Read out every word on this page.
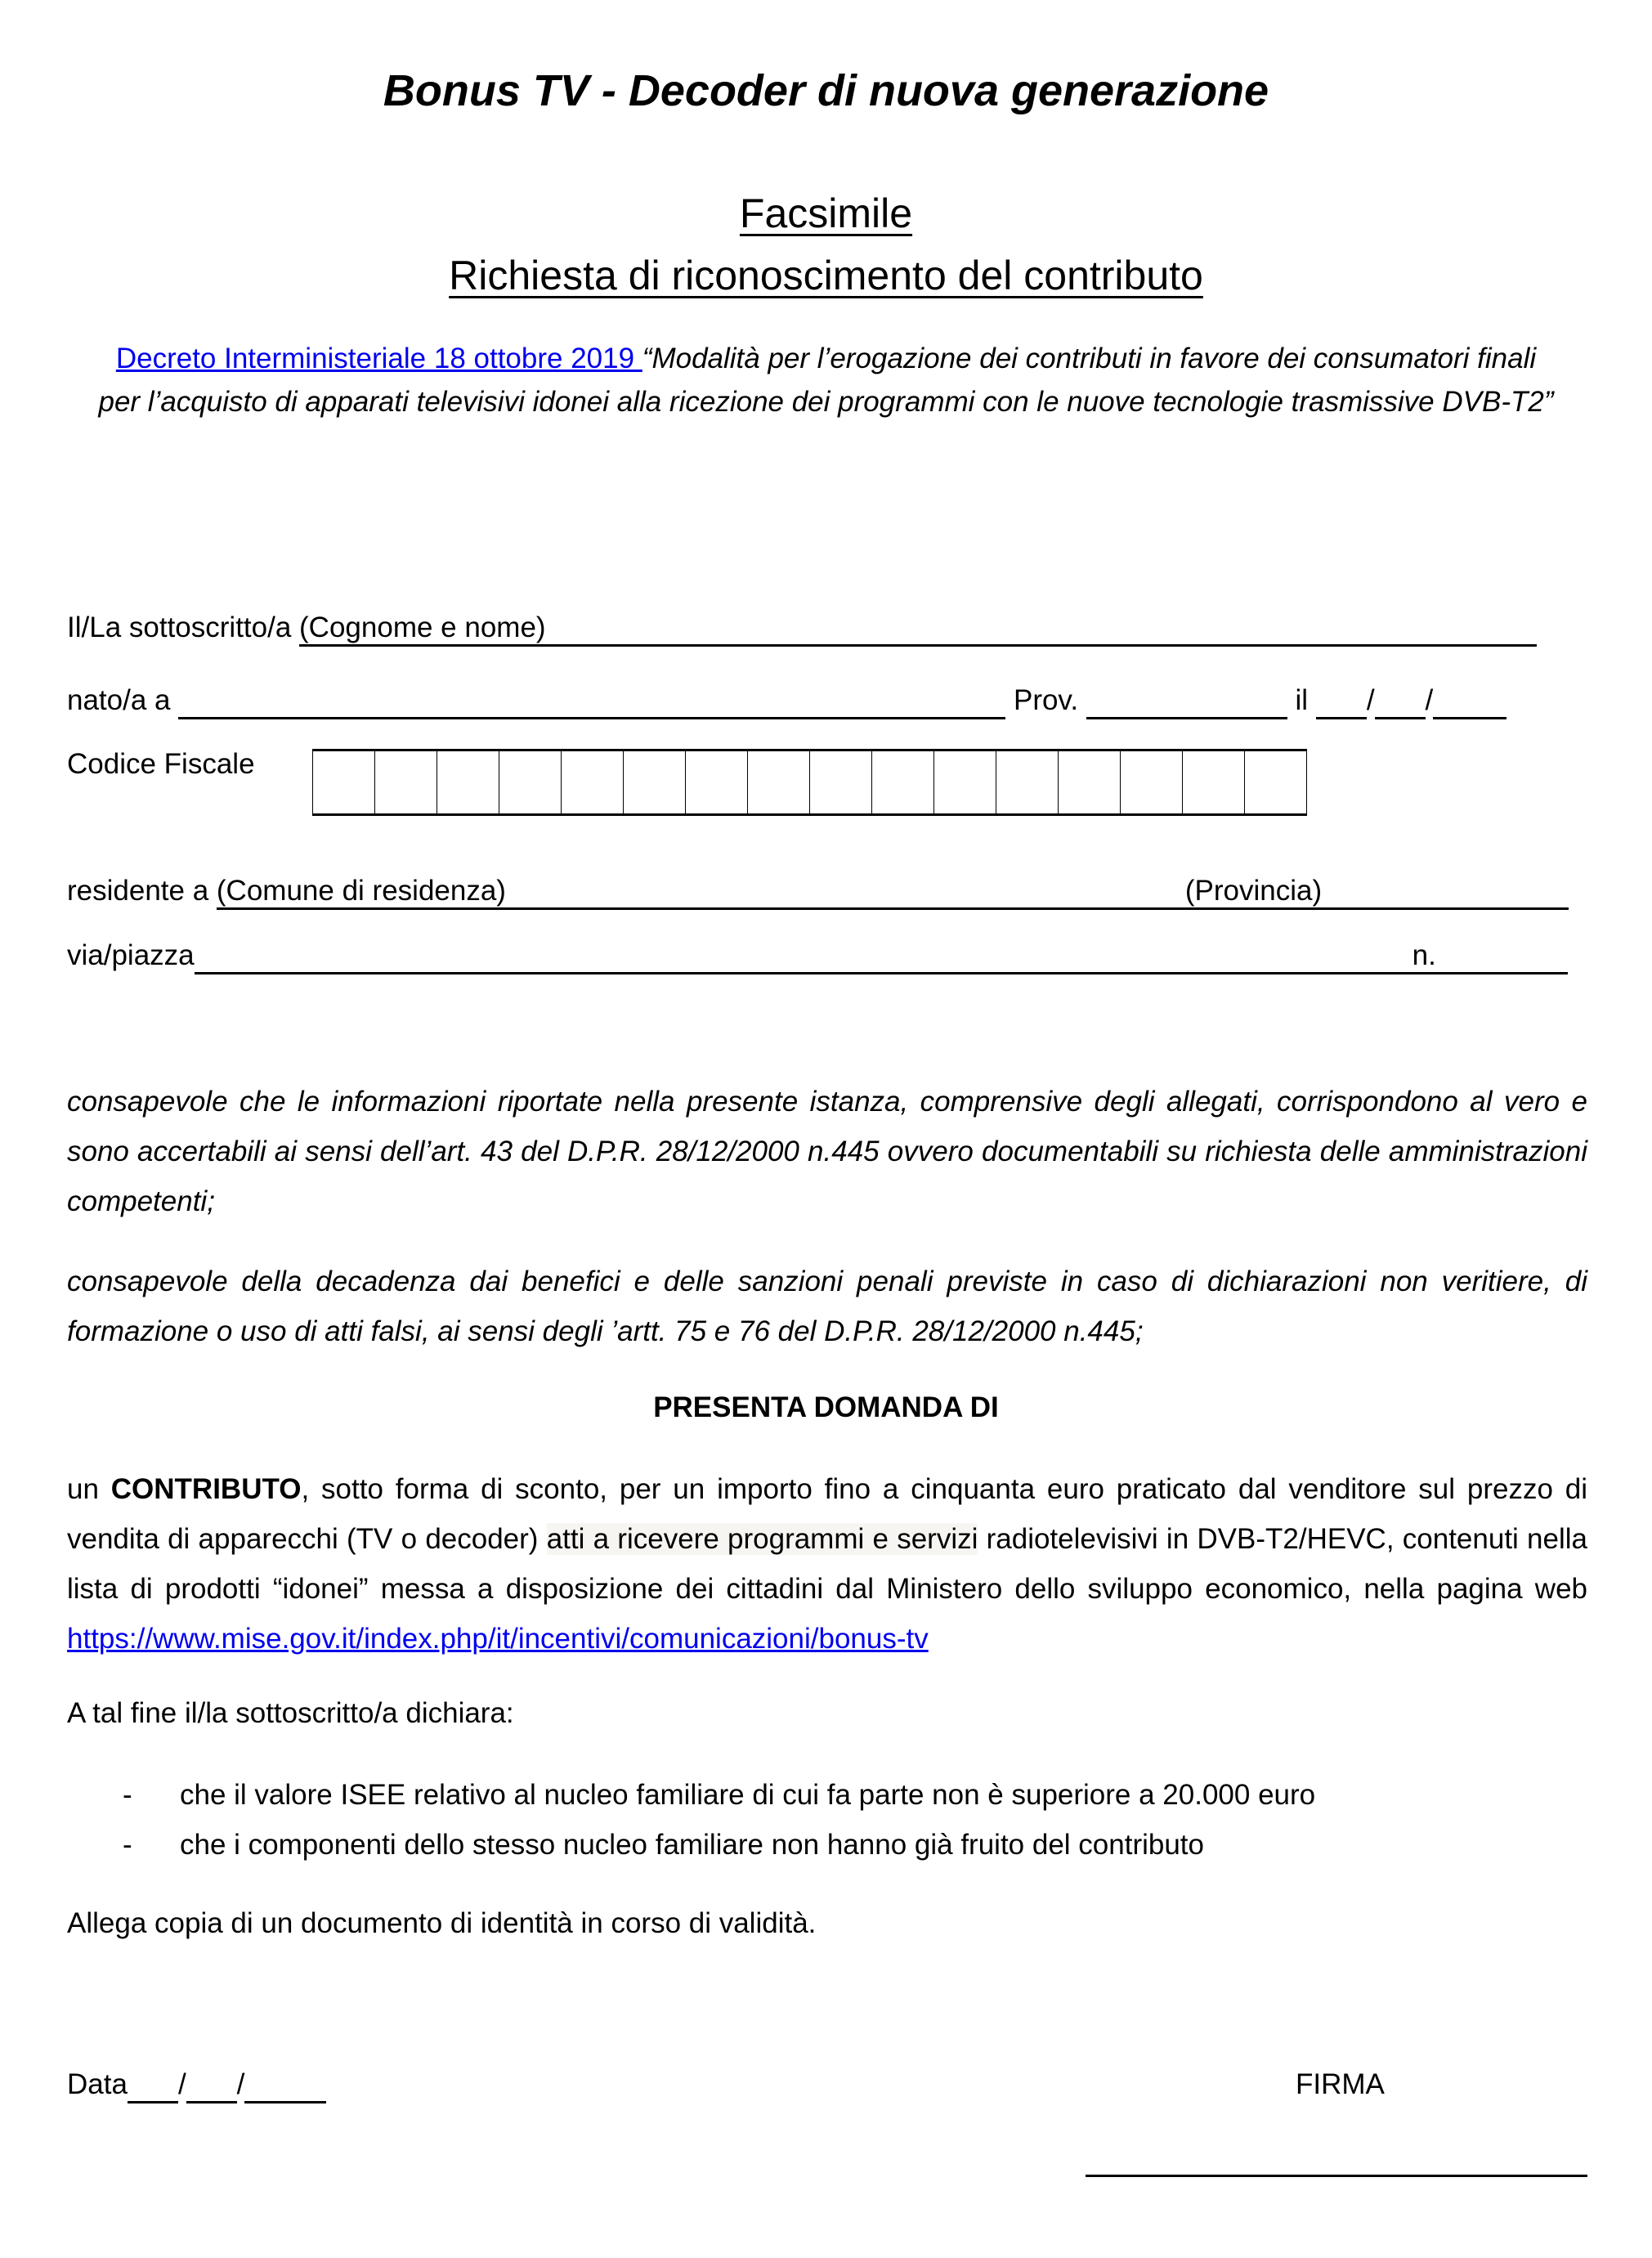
Bonus TV - Decoder di nuova generazione
Facsimile
Richiesta di riconoscimento del contributo
Decreto Interministeriale 18 ottobre 2019 “Modalità per l’erogazione dei contributi in favore dei consumatori finali per l’acquisto di apparati televisivi idonei alla ricezione dei programmi con le nuove tecnologie trasmissive DVB-T2”
Il/La sottoscritto/a (Cognome e nome)
nato/a a	Prov.	il  / /
Codice Fiscale
residente a (Comune di residenza)	(Provincia)
via/piazza	n.
consapevole che le informazioni riportate nella presente istanza, comprensive degli allegati, corrispondono al vero e sono accertabili ai sensi dell’art. 43 del D.P.R. 28/12/2000 n.445 ovvero documentabili su richiesta delle amministrazioni competenti;
consapevole della decadenza dai benefici e delle sanzioni penali previste in caso di dichiarazioni non veritiere, di formazione o uso di atti falsi, ai sensi degli ’artt. 75 e 76 del D.P.R. 28/12/2000 n.445;
PRESENTA DOMANDA DI
un CONTRIBUTO, sotto forma di sconto, per un importo fino a cinquanta euro praticato dal venditore sul prezzo di vendita di apparecchi (TV o decoder) atti a ricevere programmi e servizi radiotelevisivi in DVB-T2/HEVC, contenuti nella lista di prodotti “idonei” messa a disposizione dei cittadini dal Ministero dello sviluppo economico, nella pagina web https://www.mise.gov.it/index.php/it/incentivi/comunicazioni/bonus-tv
A tal fine il/la sottoscritto/a dichiara:
- che il valore ISEE relativo al nucleo familiare di cui fa parte non è superiore a 20.000 euro
- che i componenti dello stesso nucleo familiare non hanno già fruito del contributo
Allega copia di un documento di identità in corso di validità.
Data / /	FIRMA
